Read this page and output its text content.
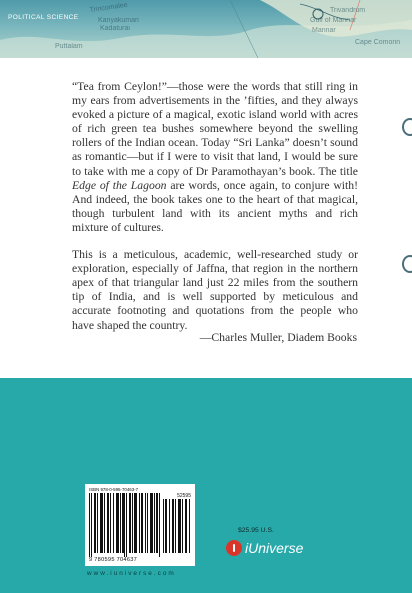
Trincomalee	Trivandrum
Mannar
Gulf of Mannar
Kadaturai
Kanyakumari
Cape Comorin
Puttalam
POLITICAL SCIENCE

“Tea from Ceylon!”—those were the words that still ring in my ears from advertisements in the ’fifties, and they always evoked a picture of a magical, exotic island world with acres of rich green tea bushes somewhere beyond the swelling rollers of the Indian ocean. Today “Sri Lanka” doesn’t sound as romantic—but if I were to visit that land, I would be sure to take with me a copy of Dr Paramothayan’s book. The title Edge of the Lagoon are words, once again, to conjure with! And indeed, the book takes one to the heart of that magical, though turbulent land with its ancient myths and rich mixture of cultures.

This is a meticulous, academic, well-researched study or exploration, especially of Jaffna, that region in the northern apex of that triangular land just 22 miles from the southern tip of India, and is well supported by meticulous and accurate footnoting and quotations from the people who have shaped the country.

—Charles Muller, Diadem Books
ISBN 978-0-595-70463-7
52595
9 780595 704637
www.iuniverse.com
$25.95 U.S.
iUniverse
